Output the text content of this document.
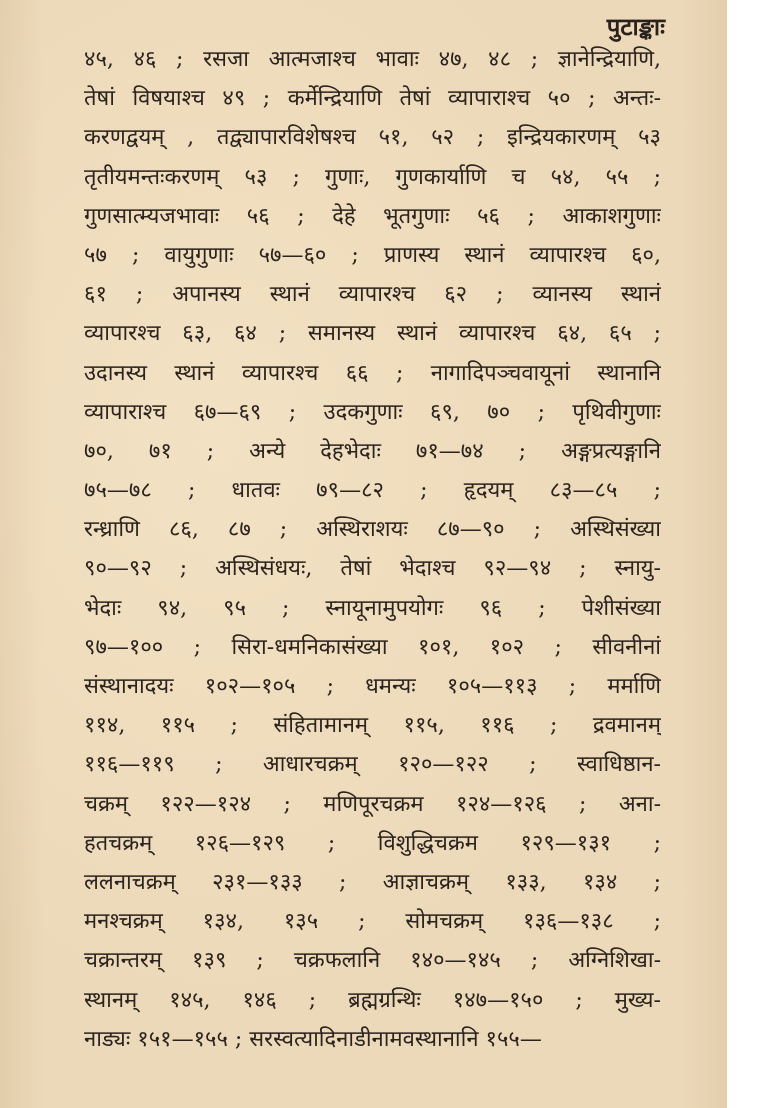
पुटाङ्काः
४५, ४६ ; रसजा आत्मजाश्च भावाः ४७, ४८ ; ज्ञानेन्द्रियाणि,
तेषां विषयाश्च ४९ ; कर्मेन्द्रियाणि तेषां व्यापाराश्च ५० ; अन्तः-
करणद्वयम् , तद्व्यापारविशेषश्च ५१, ५२ ; इन्द्रियकारणम् ५३
तृतीयमन्तःकरणम् ५३ ; गुणाः, गुणकार्याणि च ५४, ५५ ;
गुणसात्म्यजभावाः ५६ ; देहे भूतगुणाः ५६ ; आकाशगुणाः
५७ ; वायुगुणाः ५७—६० ; प्राणस्य स्थानं व्यापारश्च ६०,
६१ ; अपानस्य स्थानं व्यापारश्च ६२ ; व्यानस्य स्थानं
व्यापारश्च ६३, ६४ ; समानस्य स्थानं व्यापारश्च ६४, ६५ ;
उदानस्य स्थानं व्यापारश्च ६६ ; नागादिपञ्चवायूनां स्थानानि
व्यापाराश्च ६७—६९ ; उदकगुणाः ६९, ७० ; पृथिवीगुणाः
७०, ७१ ; अन्ये देहभेदाः ७१—७४ ; अङ्गप्रत्यङ्गानि
७५—७८ ; धातवः ७९—८२ ; हृदयम् ८३—८५ ;
रन्ध्राणि ८६, ८७ ; अस्थिराशयः ८७—९० ; अस्थिसंख्या
९०—९२ ; अस्थिसंधयः, तेषां भेदाश्च ९२—९४ ; स्नायु-
भेदाः ९४, ९५ ; स्नायूनामुपयोगः ९६ ; पेशीसंख्या
९७—१०० ; सिरा-धमनिकासंख्या १०१, १०२ ; सीवनीनां
संस्थानादयः १०२—१०५ ; धमन्यः १०५—११३ ; मर्माणि
११४, ११५ ; संहितामानम् ११५, ११६ ; द्रवमानम्
११६—११९ ; आधारचक्रम् १२०—१२२ ; स्वाधिष्ठान-
चक्रम् १२२—१२४ ; मणिपूरचक्रम १२४—१२६ ; अना-
हतचक्रम् १२६—१२९ ; विशुद्धिचक्रम १२९—१३१ ;
ललनाचक्रम् २३१—१३३ ; आज्ञाचक्रम् १३३, १३४ ;
मनश्चक्रम् १३४, १३५ ; सोमचक्रम् १३६—१३८ ;
चक्रान्तरम् १३९ ; चक्रफलानि १४०—१४५ ; अग्निशिखा-
स्थानम् १४५, १४६ ; ब्रह्मग्रन्थिः १४७—१५० ; मुख्य-
नाड्यः १५१—१५५ ; सरस्वत्यादिनाडीनामवस्थानानि १५५—
